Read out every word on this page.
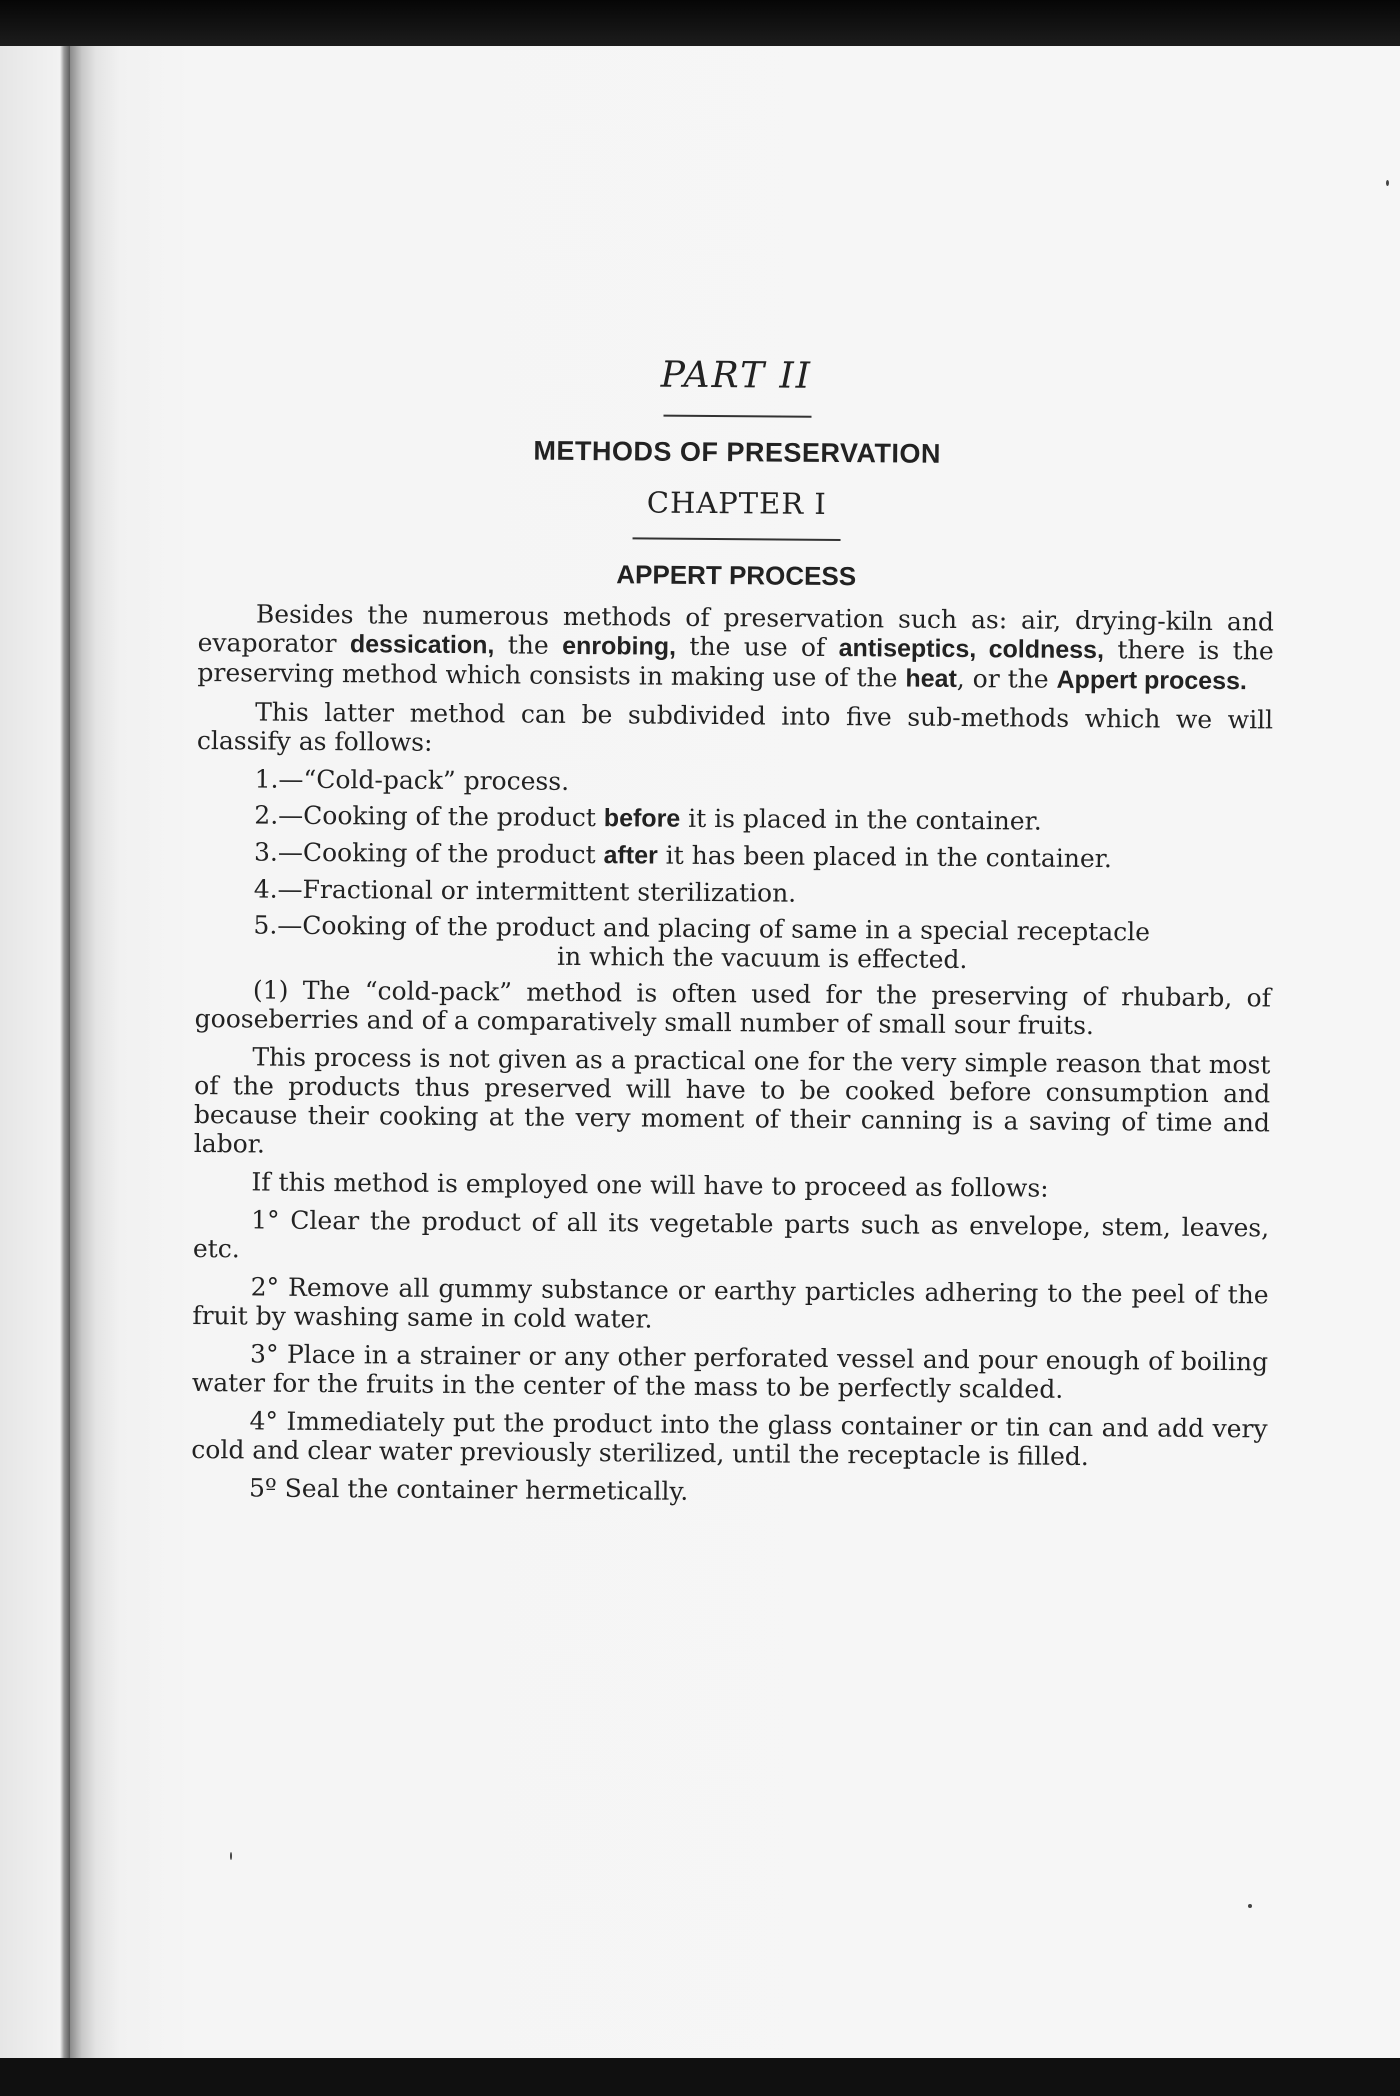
PART II
METHODS OF PRESERVATION
CHAPTER I
APPERT PROCESS

Besides the numerous methods of preservation such as: air, drying-kiln and evaporator dessication, the enrobing, the use of antiseptics, coldness, there is the preserving method which consists in making use of the heat, or the Appert process.

This latter method can be subdivided into five sub-methods which we will classify as follows:

1.—“Cold-pack” process.

2.—Cooking of the product before it is placed in the container.

3.—Cooking of the product after it has been placed in the container.

4.—Fractional or intermittent sterilization.

5.—Cooking of the product and placing of same in a special receptacle

in which the vacuum is effected.

(1) The “cold-pack” method is often used for the preserving of rhubarb, of gooseberries and of a comparatively small number of small sour fruits.

This process is not given as a practical one for the very simple reason that most of the products thus preserved will have to be cooked before consumption and because their cooking at the very moment of their canning is a saving of time and labor.

If this method is employed one will have to proceed as follows:

1° Clear the product of all its vegetable parts such as envelope, stem, leaves, etc.

2° Remove all gummy substance or earthy particles adhering to the peel of the fruit by washing same in cold water.

3° Place in a strainer or any other perforated vessel and pour enough of boiling water for the fruits in the center of the mass to be perfectly scalded.

4° Immediately put the product into the glass container or tin can and add very cold and clear water previously sterilized, until the receptacle is filled.

5º Seal the container hermetically.
